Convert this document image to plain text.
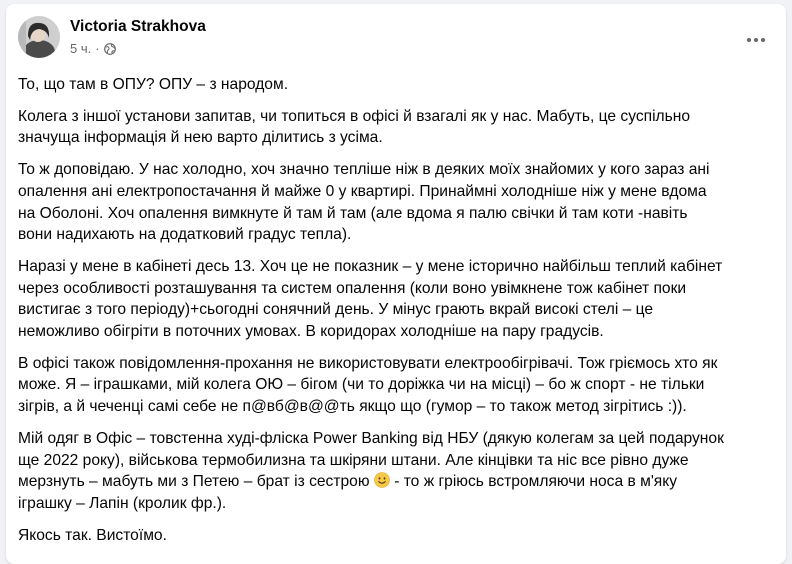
Victoria Strakhova
5 ч. ·

То, що там в ОПУ? ОПУ – з народом.

Колега з іншої установи запитав, чи топиться в офісі й взагалі як у нас. Мабуть, це суспільно
значуща інформація й нею варто ділитись з усіма.

То ж доповідаю. У нас холодно, хоч значно тепліше ніж в деяких моїх знайомих у кого зараз ані
опалення ані електропостачання й майже 0 у квартирі. Принаймні холодніше ніж у мене вдома
на Оболоні. Хоч опалення вимкнуте й там й там (але вдома я палю свічки й там коти -навіть
вони надихають на додатковий градус тепла).

Наразі у мене в кабінеті десь 13. Хоч це не показник – у мене історично найбільш теплий кабінет
через особливості розташування та систем опалення (коли воно увімкнене тож кабінет поки
вистигає з того періоду)+сьогодні сонячний день. У мінус грають вкрай високі стелі – це
неможливо обігріти в поточних умовах. В коридорах холодніше на пару градусів.

В офісі також повідомлення-прохання не використовувати електрообігрівачі. Тож гріємось хто як
може. Я – іграшками, мій колега ОЮ – бігом (чи то доріжка чи на місці) – бо ж спорт - не тільки
зігрів, а й чеченці самі себе не п@вб@в@@ть якщо що (гумор – то також метод зігрітись :)).

Мій одяг в Офіс – товстенна худі-фліска Power Banking від НБУ (дякую колегам за цей подарунок
ще 2022 року), військова термобилизна та шкіряни штани. Але кінцівки та ніс все рівно дуже
мерзнуть – мабуть ми з Петею – брат із сестрою  - то ж гріюсь встромляючи носа в м'яку
іграшку – Лапін (кролик фр.).

Якось так. Вистоїмо.
